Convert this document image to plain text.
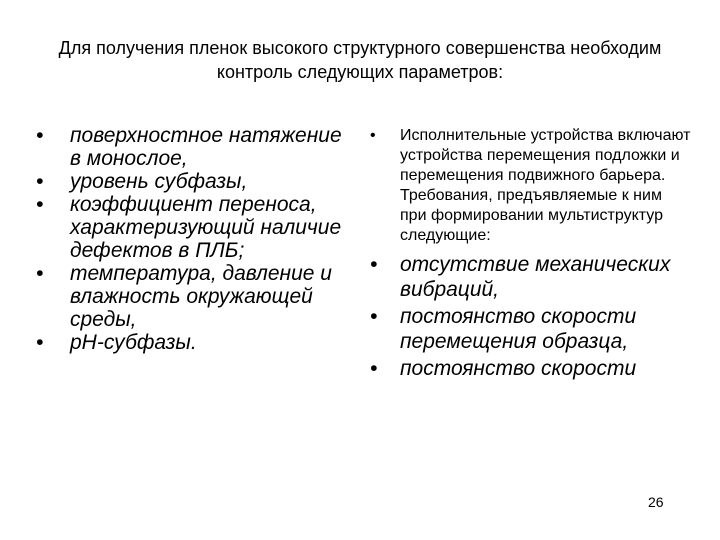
Для получения пленок высокого структурного совершенства необходим контроль следующих параметров:
• поверхностное натяжение в монослое,
• уровень субфазы,
• коэффициент переноса, характеризующий наличие дефектов в ПЛБ;
• температура, давление и влажность окружающей среды,
• рН-субфазы.
• Исполнительные устройства включают устройства перемещения подложки и перемещения подвижного барьера. Требования, предъявляемые к ним при формировании мультиструктур следующие:
• отсутствие механических вибраций,
• постоянство скорости перемещения образца,
• постоянство скорости
26
